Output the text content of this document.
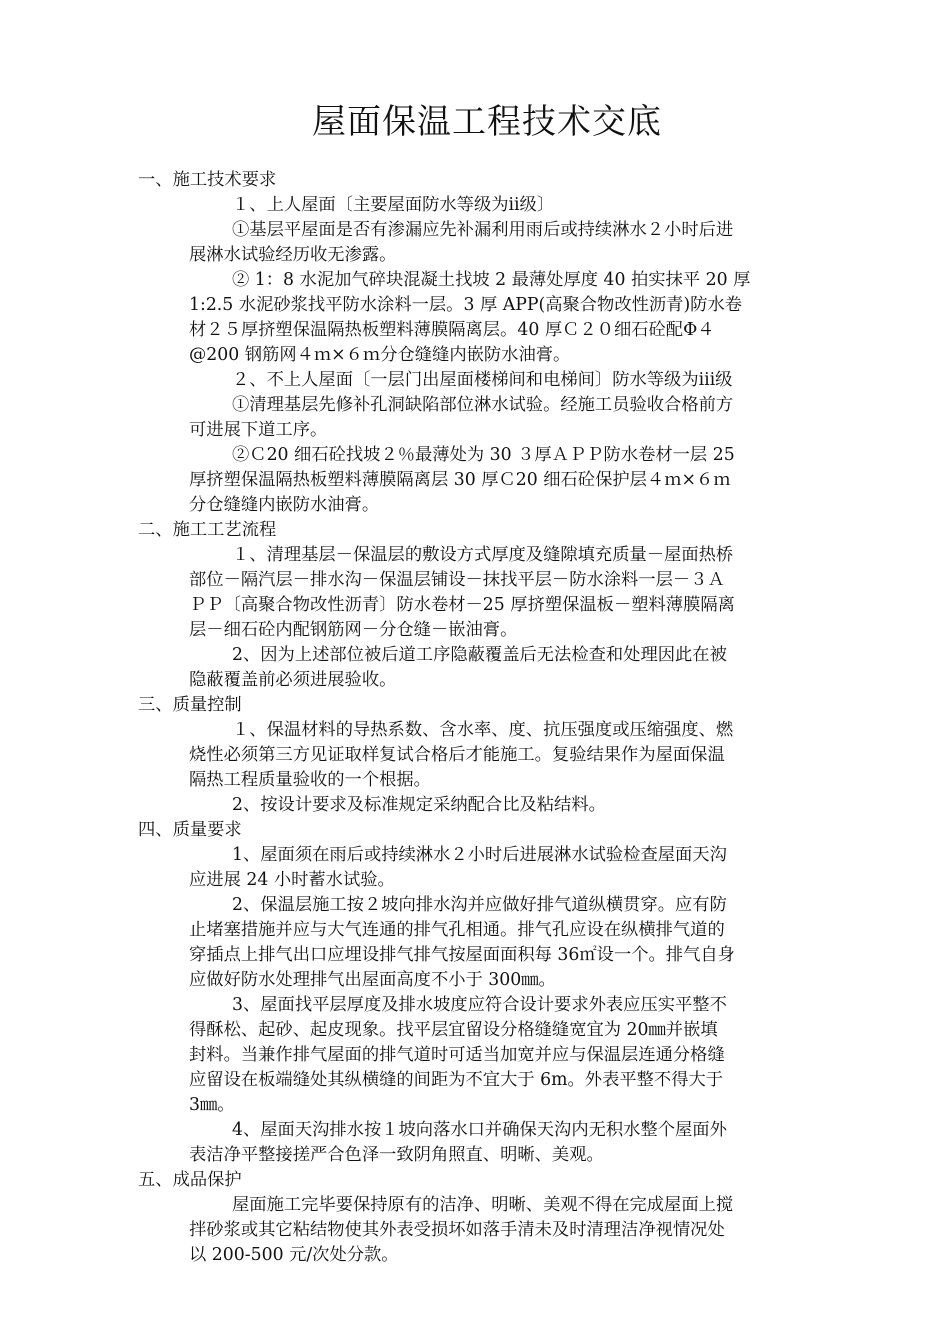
屋面保温工程技术交底
一、施工技术要求
１、上人屋面〔主要屋面防水等级为ⅱ级〕
①基层平屋面是否有渗漏应先补漏利用雨后或持续淋水２小时后进
展淋水试验经历收无渗露。
② 1：8 水泥加气碎块混凝土找坡 2 最薄处厚度 40 拍实抹平 20 厚
1:2.5 水泥砂浆找平防水涂料一层。3 厚 APP(高聚合物改性沥青)防水卷
材２５厚挤塑保温隔热板塑料薄膜隔离层。40 厚Ｃ２０细石砼配Φ４
@200 钢筋网４ｍ×６ｍ分仓缝缝内嵌防水油膏。
２、不上人屋面〔一层门出屋面楼梯间和电梯间〕防水等级为ⅲ级
①清理基层先修补孔洞缺陷部位淋水试验。经施工员验收合格前方
可进展下道工序。
②Ｃ20 细石砼找坡２％最薄处为 30 ３厚ＡＰＰ防水卷材一层 25
厚挤塑保温隔热板塑料薄膜隔离层 30 厚Ｃ20 细石砼保护层４ｍ×６ｍ
分仓缝缝内嵌防水油膏。
二、施工工艺流程
１、清理基层－保温层的敷设方式厚度及缝隙填充质量－屋面热桥
部位－隔汽层－排水沟－保温层铺设－抹找平层－防水涂料一层－３Ａ
ＰＰ〔高聚合物改性沥青〕防水卷材－25 厚挤塑保温板－塑料薄膜隔离
层－细石砼内配钢筋网－分仓缝－嵌油膏。
2、因为上述部位被后道工序隐蔽覆盖后无法检查和处理因此在被
隐蔽覆盖前必须进展验收。
三、质量控制
１、保温材料的导热系数、含水率、度、抗压强度或压缩强度、燃
烧性必须第三方见证取样复试合格后才能施工。复验结果作为屋面保温
隔热工程质量验收的一个根据。
2、按设计要求及标准规定采纳配合比及粘结料。
四、质量要求
1、屋面须在雨后或持续淋水２小时后进展淋水试验检查屋面天沟
应进展 24 小时蓄水试验。
2、保温层施工按２坡向排水沟并应做好排气道纵横贯穿。应有防
止堵塞措施并应与大气连通的排气孔相通。排气孔应设在纵横排气道的
穿插点上排气出口应埋设排气排气按屋面面积每 36㎡设一个。排气自身
应做好防水处理排气出屋面高度不小于 300㎜。
3、屋面找平层厚度及排水坡度应符合设计要求外表应压实平整不
得酥松、起砂、起皮现象。找平层宜留设分格缝缝宽宜为 20㎜并嵌填
封料。当兼作排气屋面的排气道时可适当加宽并应与保温层连通分格缝
应留设在板端缝处其纵横缝的间距为不宜大于 6m。外表平整不得大于
3㎜。
4、屋面天沟排水按１坡向落水口并确保天沟内无积水整个屋面外
表洁净平整接搓严合色泽一致阴角照直、明晰、美观。
五、成品保护
屋面施工完毕要保持原有的洁净、明晰、美观不得在完成屋面上搅
拌砂浆或其它粘结物使其外表受损坏如落手清未及时清理洁净视情况处
以 200-500 元/次处分款。
